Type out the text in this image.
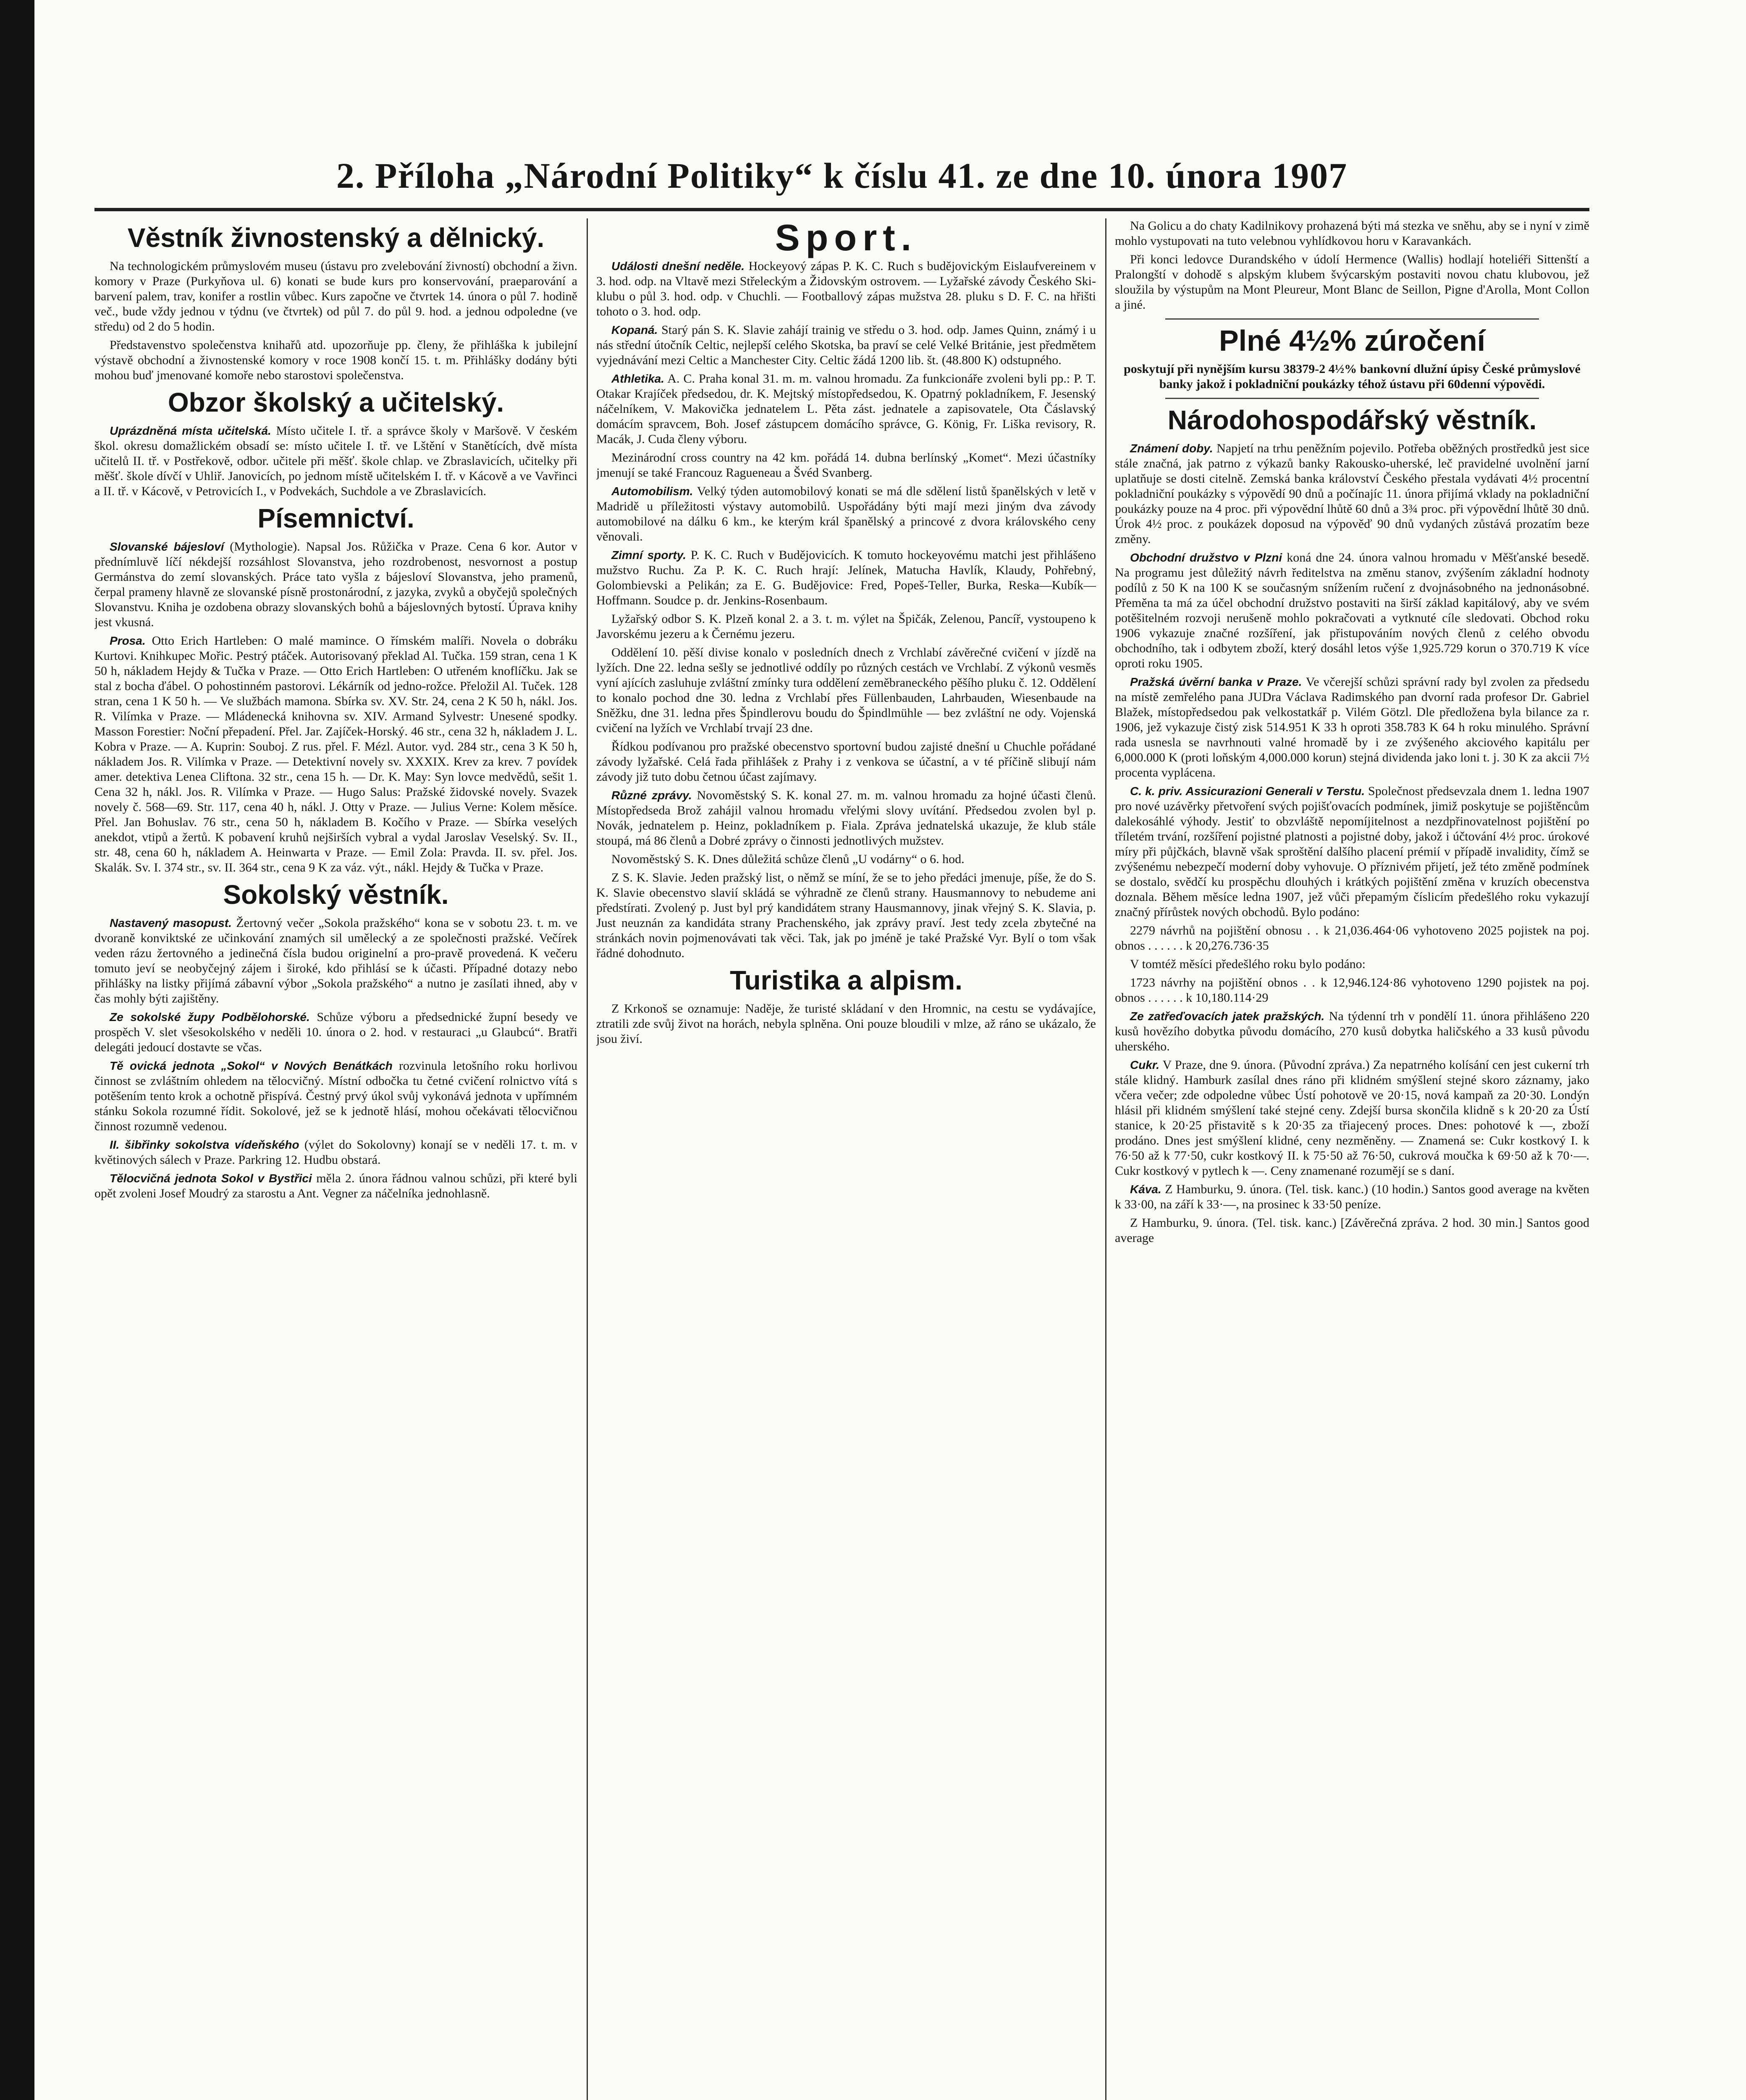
2. Příloha „Národní Politiky“ k číslu 41. ze dne 10. února 1907
Věstník živnostenský a dělnický.

Na technologickém průmyslovém museu (ústavu pro zvelebování živností) obchodní a živn. komory v Praze (Purkyňova ul. 6) konati se bude kurs pro konservování, praeparování a barvení palem, trav, konifer a rostlin vůbec. Kurs započne ve čtvrtek 14. února o půl 7. hodině več., bude vždy jednou v týdnu (ve čtvrtek) od půl 7. do půl 9. hod. a jednou odpoledne (ve středu) od 2 do 5 hodin.

Představenstvo společenstva knihařů atd. upozorňuje pp. členy, že přihláška k jubilejní výstavě obchodní a živnostenské komory v roce 1908 končí 15. t. m. Přihlášky dodány býti mohou buď jmenované komoře nebo starostovi společenstva.

Obzor školský a učitelský.

Uprázdněná místa učitelská. Místo učitele I. tř. a správce školy v Maršově. V českém škol. okresu domažlickém obsadí se: místo učitele I. tř. ve Lštění v Stanětících, dvě místa učitelů II. tř. v Postřekově, odbor. učitele při měšť. škole chlap. ve Zbraslavicích, učitelky při měšť. škole dívčí v Uhliř. Janovicích, po jednom místě učitelském I. tř. v Kácově a ve Vavřinci a II. tř. v Kácově, v Petrovicích I., v Podvekách, Suchdole a ve Zbraslavicích.

Písemnictví.

Slovanské bájesloví (Mythologie). Napsal Jos. Růžička v Praze. Cena 6 kor. Autor v přednímluvě líčí nékdejší rozsáhlost Slovanstva, jeho rozdrobenost, nesvornost a postup Germánstva do zemí slovanských. Práce tato vyšla z bájesloví Slovanstva, jeho pramenů, čerpal prameny hlavně ze slovanské písně prostonárodní, z jazyka, zvyků a obyčejů společných Slovanstvu. Kniha je ozdobena obrazy slovanských bohů a bájeslovných bytostí. Úprava knihy jest vkusná.

Prosa. Otto Erich Hartleben: O malé mamince. O římském malíři. Novela o dobráku Kurtovi. Knihkupec Mořic. Pestrý ptáček. Autorisovaný překlad Al. Tučka. 159 stran, cena 1 K 50 h, nákladem Hejdy & Tučka v Praze. — Otto Erich Hartleben: O utřeném knoflíčku. Jak se stal z bocha ďábel. O pohostinném pastorovi. Lékárník od jedno-rožce. Přeložil Al. Tuček. 128 stran, cena 1 K 50 h. — Ve službách mamona. Sbírka sv. XV. Str. 24, cena 2 K 50 h, nákl. Jos. R. Vilímka v Praze. — Mládenecká knihovna sv. XIV. Armand Sylvestr: Unesené spodky. Masson Forestier: Noční přepadení. Přel. Jar. Zajíček-Horský. 46 str., cena 32 h, nákladem J. L. Kobra v Praze. — A. Kuprin: Souboj. Z rus. přel. F. Mézl. Autor. vyd. 284 str., cena 3 K 50 h, nákladem Jos. R. Vilímka v Praze. — Detektivní novely sv. XXXIX. Krev za krev. 7 povídek amer. detektiva Lenea Cliftona. 32 str., cena 15 h. — Dr. K. May: Syn lovce medvědů, sešit 1. Cena 32 h, nákl. Jos. R. Vilímka v Praze. — Hugo Salus: Pražské židovské novely. Svazek novely č. 568—69. Str. 117, cena 40 h, nákl. J. Otty v Praze. — Julius Verne: Kolem měsíce. Přel. Jan Bohuslav. 76 str., cena 50 h, nákladem B. Kočího v Praze. — Sbírka veselých anekdot, vtipů a žertů. K pobavení kruhů nejširších vybral a vydal Jaroslav Veselský. Sv. II., str. 48, cena 60 h, nákladem A. Heinwarta v Praze. — Emil Zola: Pravda. II. sv. přel. Jos. Skalák. Sv. I. 374 str., sv. II. 364 str., cena 9 K za váz. výt., nákl. Hejdy & Tučka v Praze.

Sokolský věstník.

Nastavený masopust. Žertovný večer „Sokola pražského“ kona se v sobotu 23. t. m. ve dvoraně konviktské ze učinkování znamých sil umělecký a ze společnosti pražské. Večírek veden rázu žertovného a jedinečná čísla budou originelní a pro-pravě provedená. K večeru tomuto jeví se neobyčejný zájem i široké, kdo přihlásí se k účasti. Případné dotazy nebo přihlášky na listky přijímá zábavní výbor „Sokola pražského“ a nutno je zasílati ihned, aby v čas mohly býti zajištěny.

Ze sokolské župy Podbělohorské. Schůze výboru a předsednické župní besedy ve prospěch V. slet všesokolského v neděli 10. února o 2. hod. v restauraci „u Glaubcú“. Bratři delegáti jedoucí dostavte se včas.

Tě ovická jednota „Sokol“ v Nových Benátkách rozvinula letošního roku horlivou činnost se zvláštním ohledem na tělocvičný. Místní odbočka tu četné cvičení rolnictvo vítá s potěšením tento krok a ochotně přispívá. Čestný prvý úkol svůj vykonává jednota v upřímném stánku Sokola rozumné řídit. Sokolové, jež se k jednotě hlásí, mohou očekávati tělocvičnou činnost rozumně vedenou.

II. šibřinky sokolstva vídeňského (výlet do Sokolovny) konají se v neděli 17. t. m. v květinových sálech v Praze. Parkring 12. Hudbu obstará.

Tělocvičná jednota Sokol v Bystřici měla 2. února řádnou valnou schůzi, při které byli opět zvoleni Josef Moudrý za starostu a Ant. Vegner za náčelníka jednohlasně.

Sport.

Události dnešní neděle. Hockeyový zápas P. K. C. Ruch s budějovickým Eislaufvereinem v 3. hod. odp. na Vltavě mezi Střeleckým a Židovským ostrovem. — Lyžařské závody Českého Ski-klubu o půl 3. hod. odp. v Chuchli. — Footballový zápas mužstva 28. pluku s D. F. C. na hřišti tohoto o 3. hod. odp.

Kopaná. Starý pán S. K. Slavie zahájí trainig ve středu o 3. hod. odp. James Quinn, známý i u nás střední útočník Celtic, nejlepší celého Skotska, ba praví se celé Velké Británie, jest předmětem vyjednávání mezi Celtic a Manchester City. Celtic žádá 1200 lib. št. (48.800 K) odstupného.

Athletika. A. C. Praha konal 31. m. m. valnou hromadu. Za funkcionáře zvoleni byli pp.: P. T. Otakar Krajíček předsedou, dr. K. Mejtský místopředsedou, K. Opatrný pokladníkem, F. Jesenský náčelníkem, V. Makovička jednatelem L. Pěta zást. jednatele a zapisovatele, Ota Čáslavský domácím spravcem, Boh. Josef zástupcem domácího správce, G. König, Fr. Liška revisory, R. Macák, J. Cuda členy výboru.

Mezinárodní cross country na 42 km. pořádá 14. dubna berlínský „Komet“. Mezi účastníky jmenují se také Francouz Ragueneau a Švéd Svanberg.

Automobilism. Velký týden automobilový konati se má dle sdělení listů španělských v letě v Madridě u příležitosti výstavy automobilů. Uspořádány býti mají mezi jiným dva závody automobilové na dálku 6 km., ke kterým král španělský a princové z dvora královského ceny věnovali.

Zimní sporty. P. K. C. Ruch v Budějovicích. K tomuto hockeyovému matchi jest přihlášeno mužstvo Ruchu. Za P. K. C. Ruch hrají: Jelínek, Matucha Havlík, Klaudy, Pohřebný, Golombievski a Pelikán; za E. G. Budějovice: Fred, Popeš-Teller, Burka, Reska—Kubík—Hoffmann. Soudce p. dr. Jenkins-Rosenbaum.

Lyžařský odbor S. K. Plzeň konal 2. a 3. t. m. výlet na Špičák, Zelenou, Pancíř, vystoupeno k Javorskému jezeru a k Černému jezeru.

Oddělení 10. pěší divise konalo v posledních dnech z Vrchlabí závěrečné cvičení v jízdě na lyžích. Dne 22. ledna sešly se jednotlivé oddíly po různých cestách ve Vrchlabí. Z výkonů vesměs vyní ajících zasluhuje zvláštní zmínky tura oddělení zeměbraneckého pěšího pluku č. 12. Oddělení to konalo pochod dne 30. ledna z Vrchlabí přes Füllenbauden, Lahrbauden, Wiesenbaude na Sněžku, dne 31. ledna přes Špindlerovu boudu do Špindlmühle — bez zvláštní ne ody. Vojenská cvičení na lyžích ve Vrchlabí trvají 23 dne.

Řídkou podívanou pro pražské obecenstvo sportovní budou zajisté dnešní u Chuchle pořádané závody lyžařské. Celá řada přihlášek z Prahy i z venkova se účastní, a v té příčině slibují nám závody již tuto dobu četnou účast zajímavy.

Různé zprávy. Novoměstský S. K. konal 27. m. m. valnou hromadu za hojné účasti členů. Místopředseda Brož zahájil valnou hromadu vřelými slovy uvítání. Předsedou zvolen byl p. Novák, jednatelem p. Heinz, pokladníkem p. Fiala. Zpráva jednatelská ukazuje, že klub stále stoupá, má 86 členů a Dobré zprávy o činnosti jednotlivých mužstev.

Novoměstský S. K. Dnes důležitá schůze členů „U vodárny“ o 6. hod.

Z S. K. Slavie. Jeden pražský list, o němž se míní, že se to jeho předáci jmenuje, píše, že do S. K. Slavie obecenstvo slavií skládá se výhradně ze členů strany. Hausmannovy to nebudeme ani předstírati. Zvolený p. Just byl prý kandidátem strany Hausmannovy, jinak vřejný S. K. Slavia, p. Just neuznán za kandidáta strany Prachenského, jak zprávy praví. Jest tedy zcela zbytečné na stránkách novin pojmenovávati tak věci. Tak, jak po jméně je také Pražské Vyr. Bylí o tom však řádné dohodnuto.

Turistika a alpism.

Z Krkonoš se oznamuje: Naděje, že turisté skládaní v den Hromnic, na cestu se vydávajíce, ztratili zde svůj život na horách, nebyla splněna. Oni pouze bloudili v mlze, až ráno se ukázalo, že jsou živí.

Na Golicu a do chaty Kadilnikovy prohazená býti má stezka ve sněhu, aby se i nyní v zimě mohlo vystupovati na tuto velebnou vyhlídkovou horu v Karavankách.

Při konci ledovce Durandského v údolí Hermence (Wallis) hodlají hoteliéři Sittenští a Pralongští v dohodě s alpským klubem švýcarským postaviti novou chatu klubovou, jež sloužila by výstupům na Mont Pleureur, Mont Blanc de Seillon, Pigne d'Arolla, Mont Collon a jiné.

Plné 4½% zúročení

poskytují při nynějším kursu 38379-2 4½% bankovní dlužní úpisy České průmyslové banky jakož i pokladniční poukázky téhož ústavu při 60denní výpovědi.

Národohospodářský věstník.

Známení doby. Napjetí na trhu peněžním pojevilo. Potřeba oběžných prostředků jest sice stále značná, jak patrno z výkazů banky Rakousko-uherské, leč pravidelné uvolnění jarní uplatňuje se dosti citelně. Zemská banka království Českého přestala vydávati 4½ procentní pokladniční poukázky s výpovědí 90 dnů a počínajíc 11. února přijímá vklady na pokladniční poukázky pouze na 4 proc. při výpovědní lhůtě 60 dnů a 3¾ proc. při výpovědní lhůtě 30 dnů. Úrok 4½ proc. z poukázek doposud na výpověď 90 dnů vydaných zůstává prozatím beze změny.

Obchodní družstvo v Plzni koná dne 24. února valnou hromadu v Měšťanské besedě. Na programu jest důležitý návrh ředitelstva na změnu stanov, zvýšením základní hodnoty podílů z 50 K na 100 K se současným snížením ručení z dvojnásobného na jednonásobné. Přeměna ta má za účel obchodní družstvo postaviti na širší základ kapitálový, aby ve svém potěšitelném rozvoji nerušeně mohlo pokračovati a vytknuté cíle sledovati. Obchod roku 1906 vykazuje značné rozšíření, jak přistupováním nových členů z celého obvodu obchodního, tak i odbytem zboží, který dosáhl letos výše 1,925.729 korun o 370.719 K více oproti roku 1905.

Pražská úvěrní banka v Praze. Ve včerejší schůzi správní rady byl zvolen za předsedu na místě zemřelého pana JUDra Václava Radimského pan dvorní rada profesor Dr. Gabriel Blažek, místopředsedou pak velkostatkář p. Vilém Götzl. Dle předložena byla bilance za r. 1906, jež vykazuje čistý zisk 514.951 K 33 h oproti 358.783 K 64 h roku minulého. Správní rada usnesla se navrhnouti valné hromadě by i ze zvýšeného akciového kapitálu per 6,000.000 K (proti loňským 4,000.000 korun) stejná dividenda jako loni t. j. 30 K za akcii 7½ procenta vyplácena.

C. k. priv. Assicurazioni Generali v Terstu. Společnost předsevzala dnem 1. ledna 1907 pro nové uzávěrky přetvoření svých pojišťovacích podmínek, jimiž poskytuje se pojištěncům dalekosáhlé výhody. Jestiť to obzvláště nepomíjitelnost a nezdpřinovatelnost pojištění po tříletém trvání, rozšíření pojistné platnosti a pojistné doby, jakož i účtování 4½ proc. úrokové míry při půjčkách, blavně však sproštění dalšího placení prémií v případě invalidity, čímž se zvýšenému nebezpečí moderní doby vyhovuje. O příznivém přijetí, jež této změně podmínek se dostalo, svědčí ku prospěchu dlouhých i krátkých pojištění změna v kruzích obecenstva doznala. Během měsíce ledna 1907, jež vůči přepamým číslicím předešlého roku vykazují značný přírůstek nových obchodů. Bylo podáno:

2279 návrhů na pojištění obnosu . . k 21,036.464·06 vyhotoveno 2025 pojistek na poj. obnos . . . . . . k 20,276.736·35

V tomtéž měsíci předešlého roku bylo podáno:

1723 návrhy na pojištění obnos . . k 12,946.124·86 vyhotoveno 1290 pojistek na poj. obnos . . . . . . k 10,180.114·29

Ze zatřeďovacích jatek pražských. Na týdenní trh v pondělí 11. února přihlášeno 220 kusů hovězího dobytka původu domácího, 270 kusů dobytka haličského a 33 kusů původu uherského.

Cukr. V Praze, dne 9. února. (Původní zpráva.) Za nepatrného kolísání cen jest cukerní trh stále klidný. Hamburk zasílal dnes ráno při klidném smýšlení stejné skoro záznamy, jako včera večer; zde odpoledne vůbec Ústí pohotově ve 20·15, nová kampaň za 20·30. Londýn hlásil při klidném smýšlení také stejné ceny. Zdejší bursa skončila klidně s k 20·20 za Ústí stanice, k 20·25 přistavitě s k 20·35 za třiajecený proces. Dnes: pohotové k —, zboží prodáno. Dnes jest smýšlení klidné, ceny nezměněny. — Znamená se: Cukr kostkový I. k 76·50 až k 77·50, cukr kostkový II. k 75·50 až 76·50, cukrová moučka k 69·50 až k 70·—. Cukr kostkový v pytlech k —. Ceny znamenané rozumějí se s daní.

Káva. Z Hamburku, 9. února. (Tel. tisk. kanc.) (10 hodin.) Santos good average na květen k 33·00, na září k 33·—, na prosinec k 33·50 peníze.

Z Hamburku, 9. února. (Tel. tisk. kanc.) [Závěrečná zpráva. 2 hod. 30 min.] Santos good average
